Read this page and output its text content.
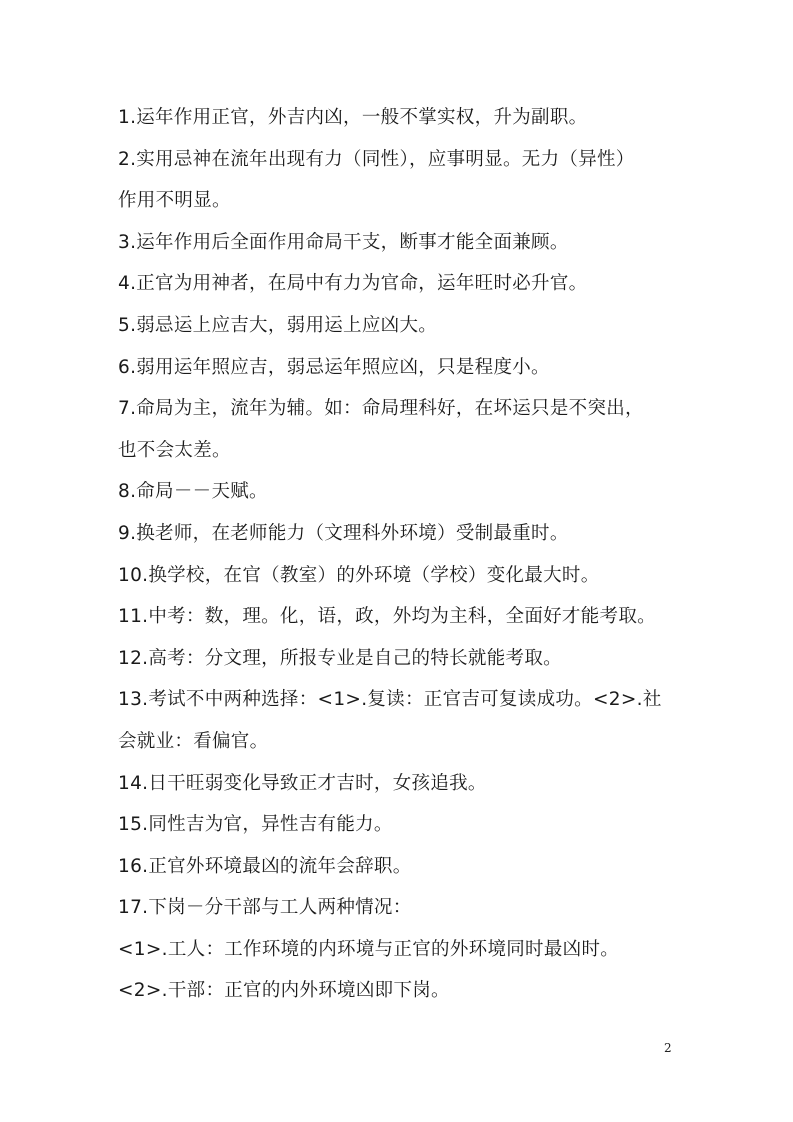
1.运年作用正官，外吉内凶，一般不掌实权，升为副职。
2.实用忌神在流年出现有力（同性），应事明显。无力（异性）
作用不明显。
3.运年作用后全面作用命局干支，断事才能全面兼顾。
4.正官为用神者，在局中有力为官命，运年旺时必升官。
5.弱忌运上应吉大，弱用运上应凶大。
6.弱用运年照应吉，弱忌运年照应凶，只是程度小。
7.命局为主，流年为辅。如：命局理科好，在坏运只是不突出，
也不会太差。
8.命局－－天赋。
9.换老师，在老师能力（文理科外环境）受制最重时。
10.换学校，在官（教室）的外环境（学校）变化最大时。
11.中考：数，理。化，语，政，外均为主科，全面好才能考取。
12.高考：分文理，所报专业是自己的特长就能考取。
13.考试不中两种选择：<1>.复读：正官吉可复读成功。<2>.社
会就业：看偏官。
14.日干旺弱变化导致正才吉时，女孩追我。
15.同性吉为官，异性吉有能力。
16.正官外环境最凶的流年会辞职。
17.下岗－分干部与工人两种情况：
<1>.工人：工作环境的内环境与正官的外环境同时最凶时。
<2>.干部：正官的内外环境凶即下岗。
2
